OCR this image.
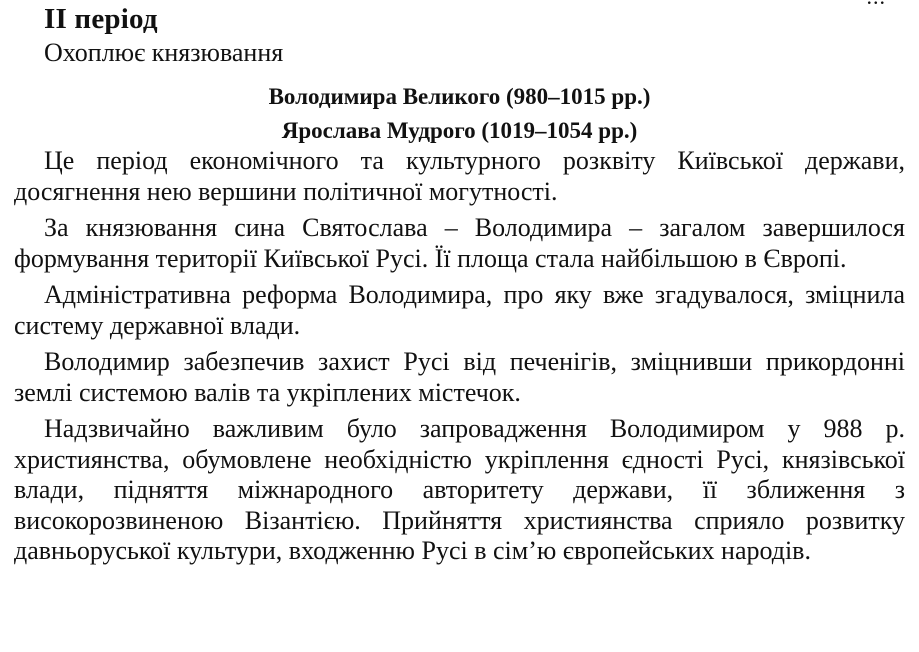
II період
Охоплює князювання
Володимира Великого (980–1015 рр.)
Ярослава Мудрого (1019–1054 рр.)

Це період економічного та культурного розквіту Київської держави, досягнення нею вершини політичної могутності.

За князювання сина Святослава – Володимира – загалом завершилося формування території Київської Русі. Її площа стала найбільшою в Європі.

Адміністративна реформа Володимира, про яку вже згадувалося, зміцнила систему державної влади.

Володимир забезпечив захист Русі від печенігів, зміцнивши прикордонні землі системою валів та укріплених містечок.

Надзвичайно важливим було запровадження Володимиром у 988 р. християнства, обумовлене необхідністю укріплення єдності Русі, князівської влади, підняття міжнародного авторитету держави, її зближення з високорозвиненою Візантією. Прийняття християнства сприяло розвитку давньоруської культури, входженню Русі в сім’ю європейських народів.
